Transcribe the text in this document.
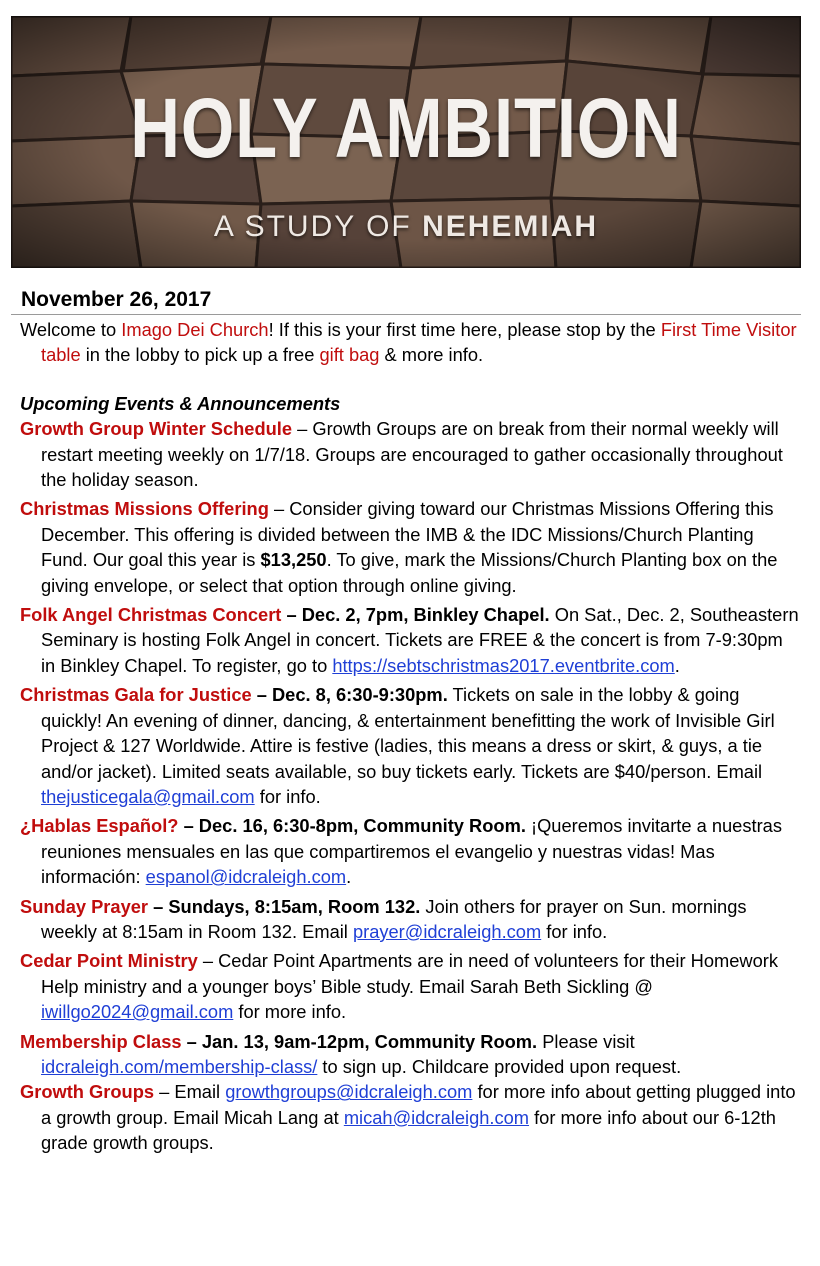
HOLY AMBITION
A STUDY OF NEHEMIAH
November 26, 2017

Welcome to Imago Dei Church! If this is your first time here, please stop by the First Time Visitor table in the lobby to pick up a free gift bag & more info.

Upcoming Events & Announcements

Growth Group Winter Schedule – Growth Groups are on break from their normal weekly will restart meeting weekly on 1/7/18. Groups are encouraged to gather occasionally throughout the holiday season.

Christmas Missions Offering – Consider giving toward our Christmas Missions Offering this December. This offering is divided between the IMB & the IDC Missions/Church Planting Fund. Our goal this year is $13,250. To give, mark the Missions/Church Planting box on the giving envelope, or select that option through online giving.

Folk Angel Christmas Concert – Dec. 2, 7pm, Binkley Chapel. On Sat., Dec. 2, Southeastern Seminary is hosting Folk Angel in concert. Tickets are FREE & the concert is from 7-9:30pm in Binkley Chapel. To register, go to https://sebtschristmas2017.eventbrite.com.

Christmas Gala for Justice – Dec. 8, 6:30-9:30pm. Tickets on sale in the lobby & going quickly! An evening of dinner, dancing, & entertainment benefitting the work of Invisible Girl Project & 127 Worldwide. Attire is festive (ladies, this means a dress or skirt, & guys, a tie and/or jacket). Limited seats available, so buy tickets early. Tickets are $40/person. Email thejusticegala@gmail.com for info.

¿Hablas Español? – Dec. 16, 6:30-8pm, Community Room. ¡Queremos invitarte a nuestras reuniones mensuales en las que compartiremos el evangelio y nuestras vidas! Mas información: espanol@idcraleigh.com.

Sunday Prayer – Sundays, 8:15am, Room 132. Join others for prayer on Sun. mornings weekly at 8:15am in Room 132. Email prayer@idcraleigh.com for info.

Cedar Point Ministry – Cedar Point Apartments are in need of volunteers for their Homework Help ministry and a younger boys’ Bible study. Email Sarah Beth Sickling @ iwillgo2024@gmail.com for more info.

Membership Class – Jan. 13, 9am-12pm, Community Room. Please visit idcraleigh.com/membership-class/ to sign up. Childcare provided upon request.

Growth Groups – Email growthgroups@idcraleigh.com for more info about getting plugged into a growth group. Email Micah Lang at micah@idcraleigh.com for more info about our 6-12th grade growth groups.
